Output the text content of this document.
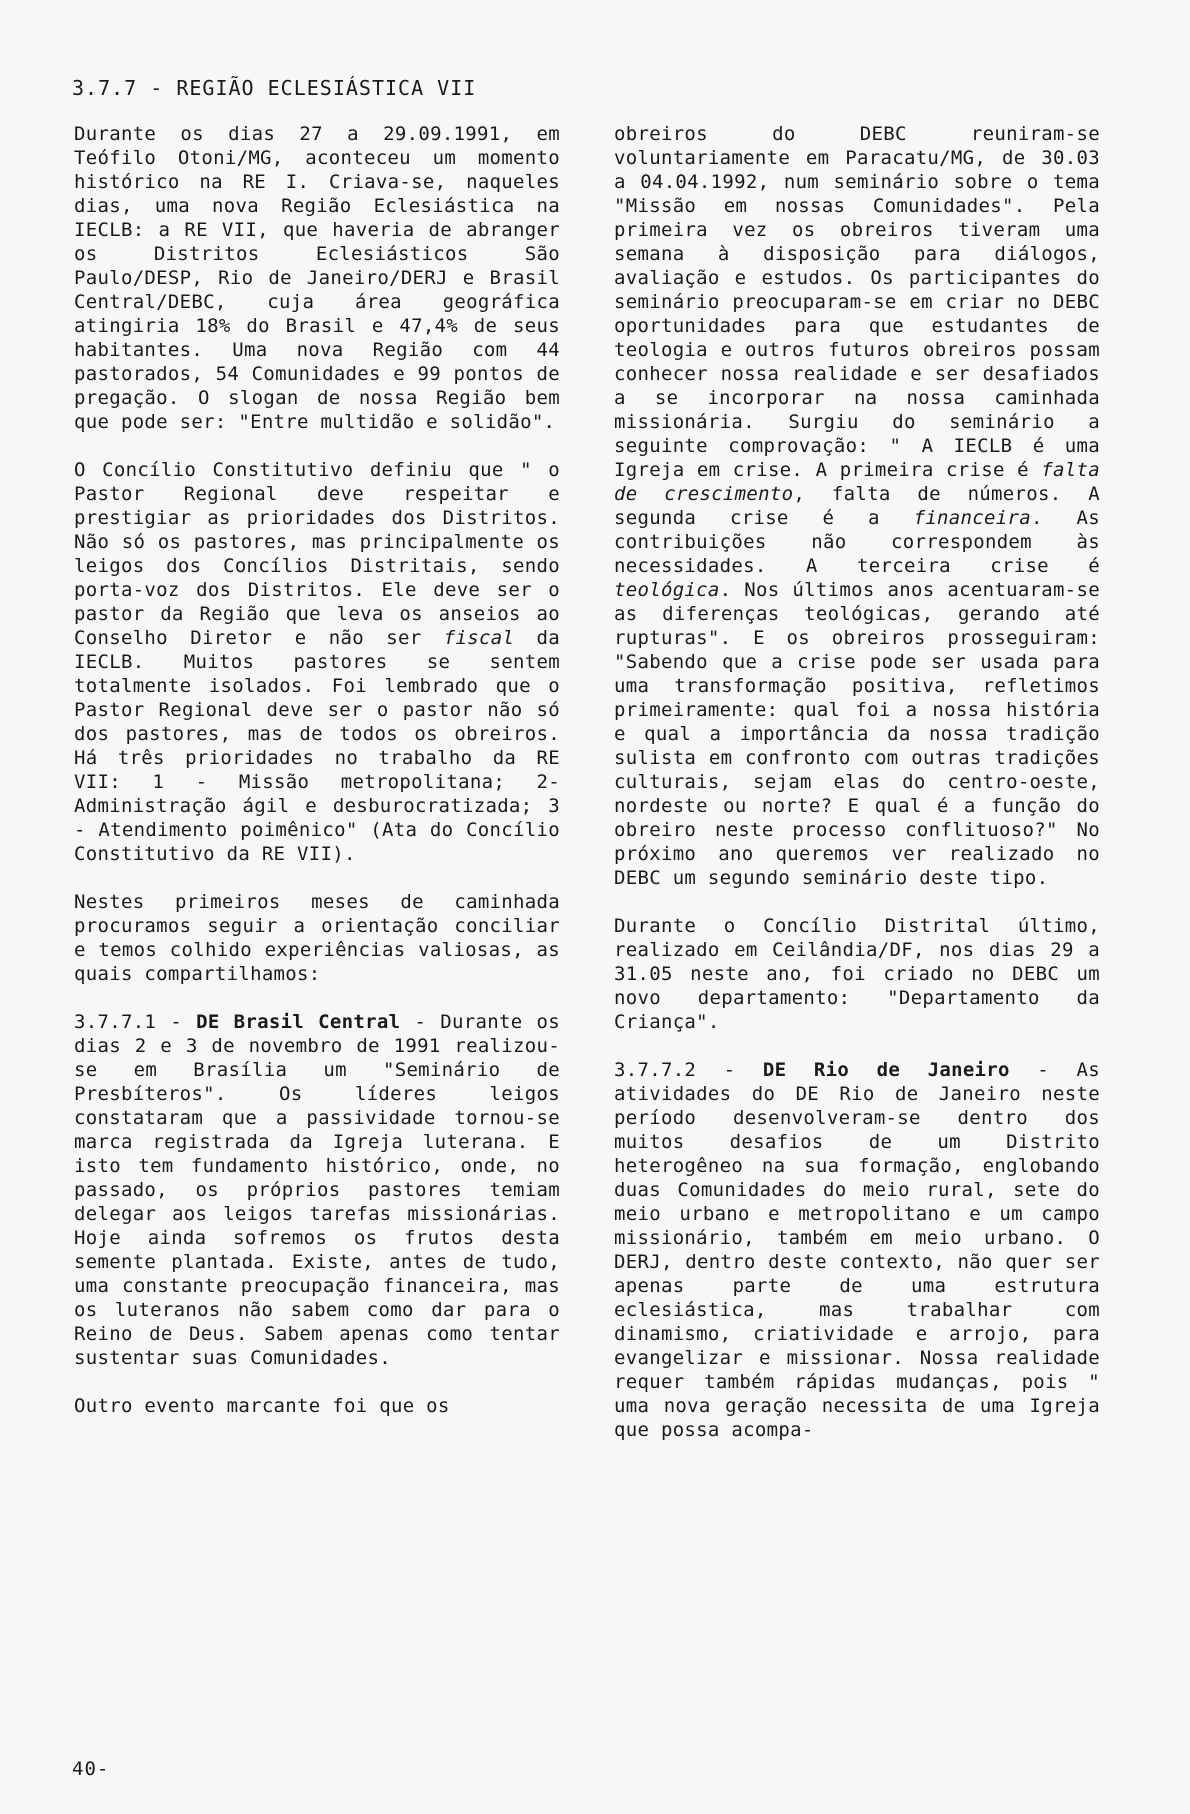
3.7.7 - REGIÃO ECLESIÁSTICA VII

Durante os dias 27 a 29.09.1991, em Teófilo Otoni/MG, aconteceu um momento histórico na RE I. Criava-se, naqueles dias, uma nova Região Eclesiástica na IECLB: a RE VII, que haveria de abranger os Distritos Eclesiásticos São Paulo/DESP, Rio de Janeiro/DERJ e Brasil Central/DEBC, cuja área geográfica atingiria 18% do Brasil e 47,4% de seus habitantes. Uma nova Região com 44 pastorados, 54 Comunidades e 99 pontos de pregação. O slogan de nossa Região bem que pode ser: "Entre multidão e solidão".

O Concílio Constitutivo definiu que " o Pastor Regional deve respeitar e prestigiar as prioridades dos Distritos. Não só os pastores, mas principalmente os leigos dos Concílios Distritais, sendo porta-voz dos Distritos. Ele deve ser o pastor da Região que leva os anseios ao Conselho Diretor e não ser fiscal da IECLB. Muitos pastores se sentem totalmente isolados. Foi lembrado que o Pastor Regional deve ser o pastor não só dos pastores, mas de todos os obreiros. Há três prioridades no trabalho da RE VII: 1 - Missão metropolitana; 2-Administração ágil e desburocratizada; 3 - Atendimento poimênico" (Ata do Concílio Constitutivo da RE VII).

Nestes primeiros meses de caminhada procuramos seguir a orientação conciliar e temos colhido experiências valiosas, as quais compartilhamos:

3.7.7.1 - DE Brasil Central - Durante os dias 2 e 3 de novembro de 1991 realizou-se em Brasília um "Seminário de Presbíteros". Os líderes leigos constataram que a passividade tornou-se marca registrada da Igreja luterana. E isto tem fundamento histórico, onde, no passado, os próprios pastores temiam delegar aos leigos tarefas missionárias. Hoje ainda sofremos os frutos desta semente plantada. Existe, antes de tudo, uma constante preocupação financeira, mas os luteranos não sabem como dar para o Reino de Deus. Sabem apenas como tentar sustentar suas Comunidades.

Outro evento marcante foi que os

obreiros do DEBC reuniram-se voluntariamente em Paracatu/MG, de 30.03 a 04.04.1992, num seminário sobre o tema "Missão em nossas Comunidades". Pela primeira vez os obreiros tiveram uma semana à disposição para diálogos, avaliação e estudos. Os participantes do seminário preocuparam-se em criar no DEBC oportunidades para que estudantes de teologia e outros futuros obreiros possam conhecer nossa realidade e ser desafiados a se incorporar na nossa caminhada missionária. Surgiu do seminário a seguinte comprovação: " A IECLB é uma Igreja em crise. A primeira crise é falta de crescimento, falta de números. A segunda crise é a financeira. As contribuições não correspondem às necessidades. A terceira crise é teológica. Nos últimos anos acentuaram-se as diferenças teológicas, gerando até rupturas". E os obreiros prosseguiram: "Sabendo que a crise pode ser usada para uma transformação positiva, refletimos primeiramente: qual foi a nossa história e qual a importância da nossa tradição sulista em confronto com outras tradições culturais, sejam elas do centro-oeste, nordeste ou norte? E qual é a função do obreiro neste processo conflituoso?" No próximo ano queremos ver realizado no DEBC um segundo seminário deste tipo.

Durante o Concílio Distrital último, realizado em Ceilândia/DF, nos dias 29 a 31.05 neste ano, foi criado no DEBC um novo departamento: "Departamento da Criança".

3.7.7.2 - DE Rio de Janeiro - As atividades do DE Rio de Janeiro neste período desenvolveram-se dentro dos muitos desafios de um Distrito heterogêneo na sua formação, englobando duas Comunidades do meio rural, sete do meio urbano e metropolitano e um campo missionário, também em meio urbano. O DERJ, dentro deste contexto, não quer ser apenas parte de uma estrutura eclesiástica, mas trabalhar com dinamismo, criatividade e arrojo, para evangelizar e missionar. Nossa realidade requer também rápidas mudanças, pois " uma nova geração necessita de uma Igreja que possa acompa-

40-
